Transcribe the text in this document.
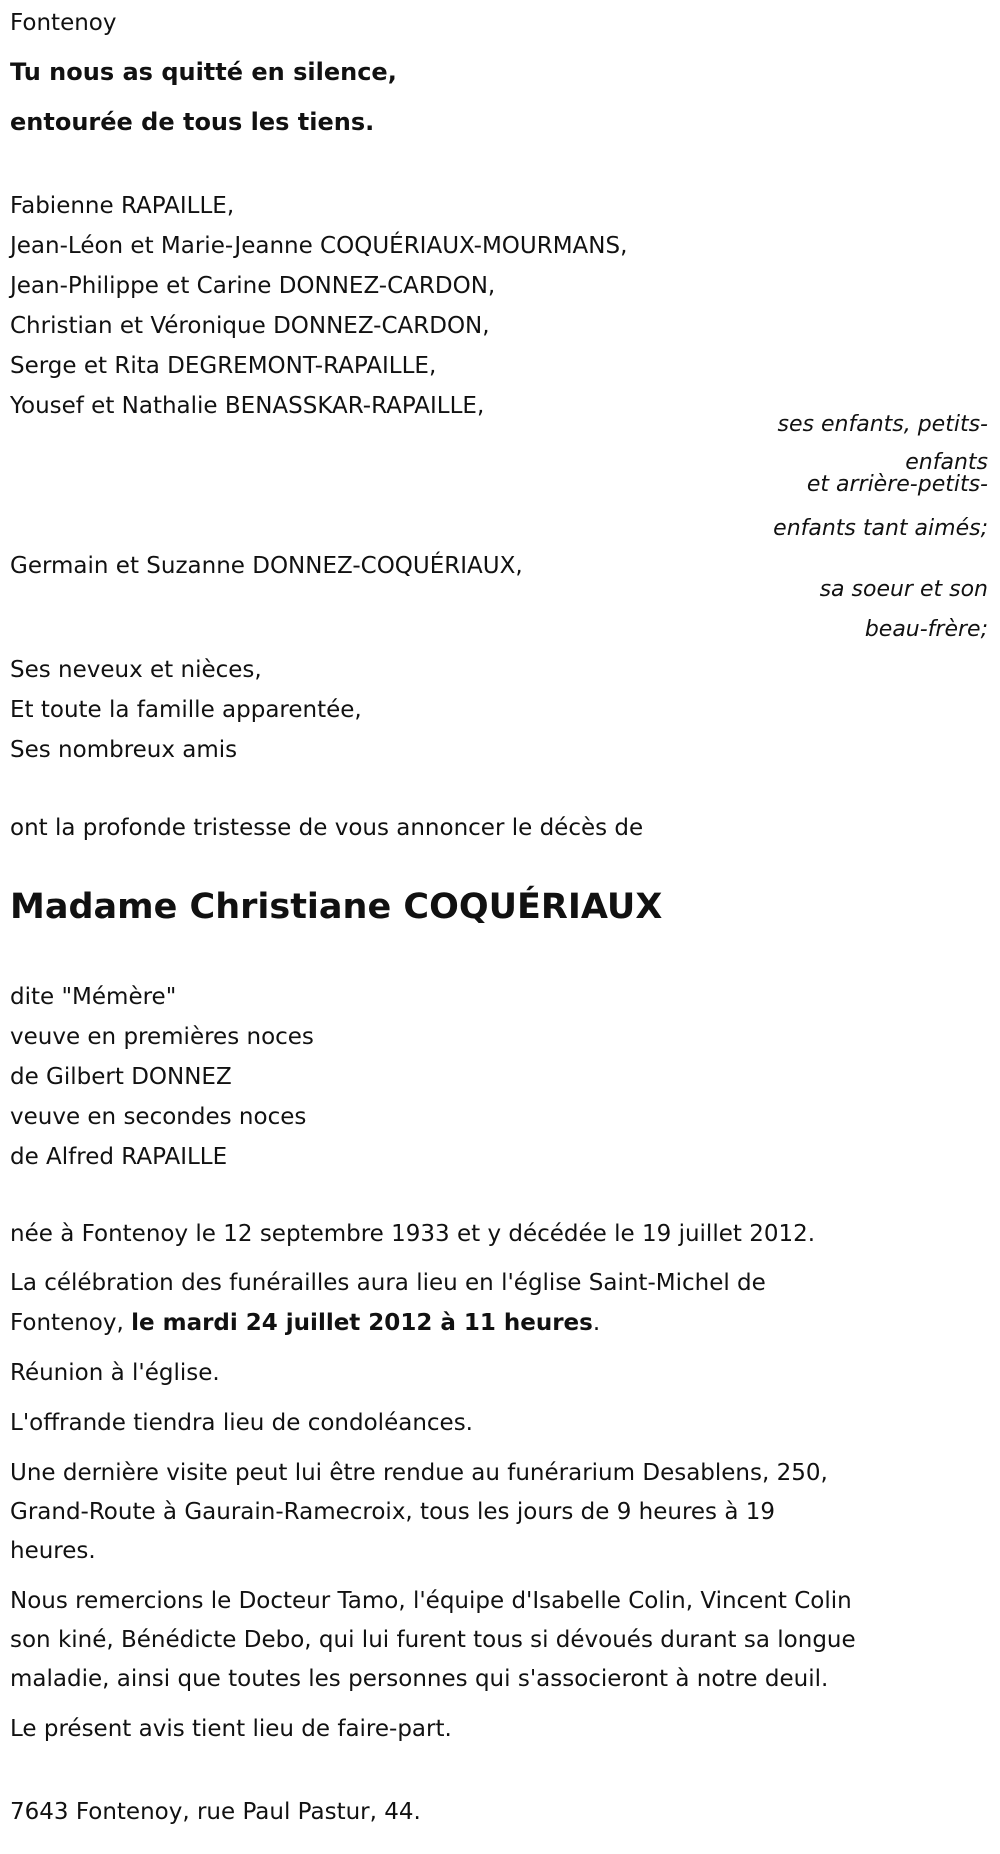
Fontenoy
Tu nous as quitté en silence,
entourée de tous les tiens.
Fabienne RAPAILLE,
Jean-Léon et Marie-Jeanne COQUÉRIAUX-MOURMANS,
Jean-Philippe et Carine DONNEZ-CARDON,
Christian et Véronique DONNEZ-CARDON,
Serge et Rita DEGREMONT-RAPAILLE,
Yousef et Nathalie BENASSKAR-RAPAILLE,
ses enfants, petits-
enfants
et arrière-petits-
enfants tant aimés;
Germain et Suzanne DONNEZ-COQUÉRIAUX,
sa soeur et son
beau-frère;
Ses neveux et nièces,
Et toute la famille apparentée,
Ses nombreux amis
ont la profonde tristesse de vous annoncer le décès de
Madame Christiane COQUÉRIAUX
dite "Mémère"
veuve en premières noces
de Gilbert DONNEZ
veuve en secondes noces
de Alfred RAPAILLE
née à Fontenoy le 12 septembre 1933 et y décédée le 19 juillet 2012.
La célébration des funérailles aura lieu en l'église Saint-Michel de
Fontenoy, le mardi 24 juillet 2012 à 11 heures.
Réunion à l'église.
L'offrande tiendra lieu de condoléances.
Une dernière visite peut lui être rendue au funérarium Desablens, 250,
Grand-Route à Gaurain-Ramecroix, tous les jours de 9 heures à 19
heures.
Nous remercions le Docteur Tamo, l'équipe d'Isabelle Colin, Vincent Colin
son kiné, Bénédicte Debo, qui lui furent tous si dévoués durant sa longue
maladie, ainsi que toutes les personnes qui s'associeront à notre deuil.
Le présent avis tient lieu de faire-part.
7643 Fontenoy, rue Paul Pastur, 44.
